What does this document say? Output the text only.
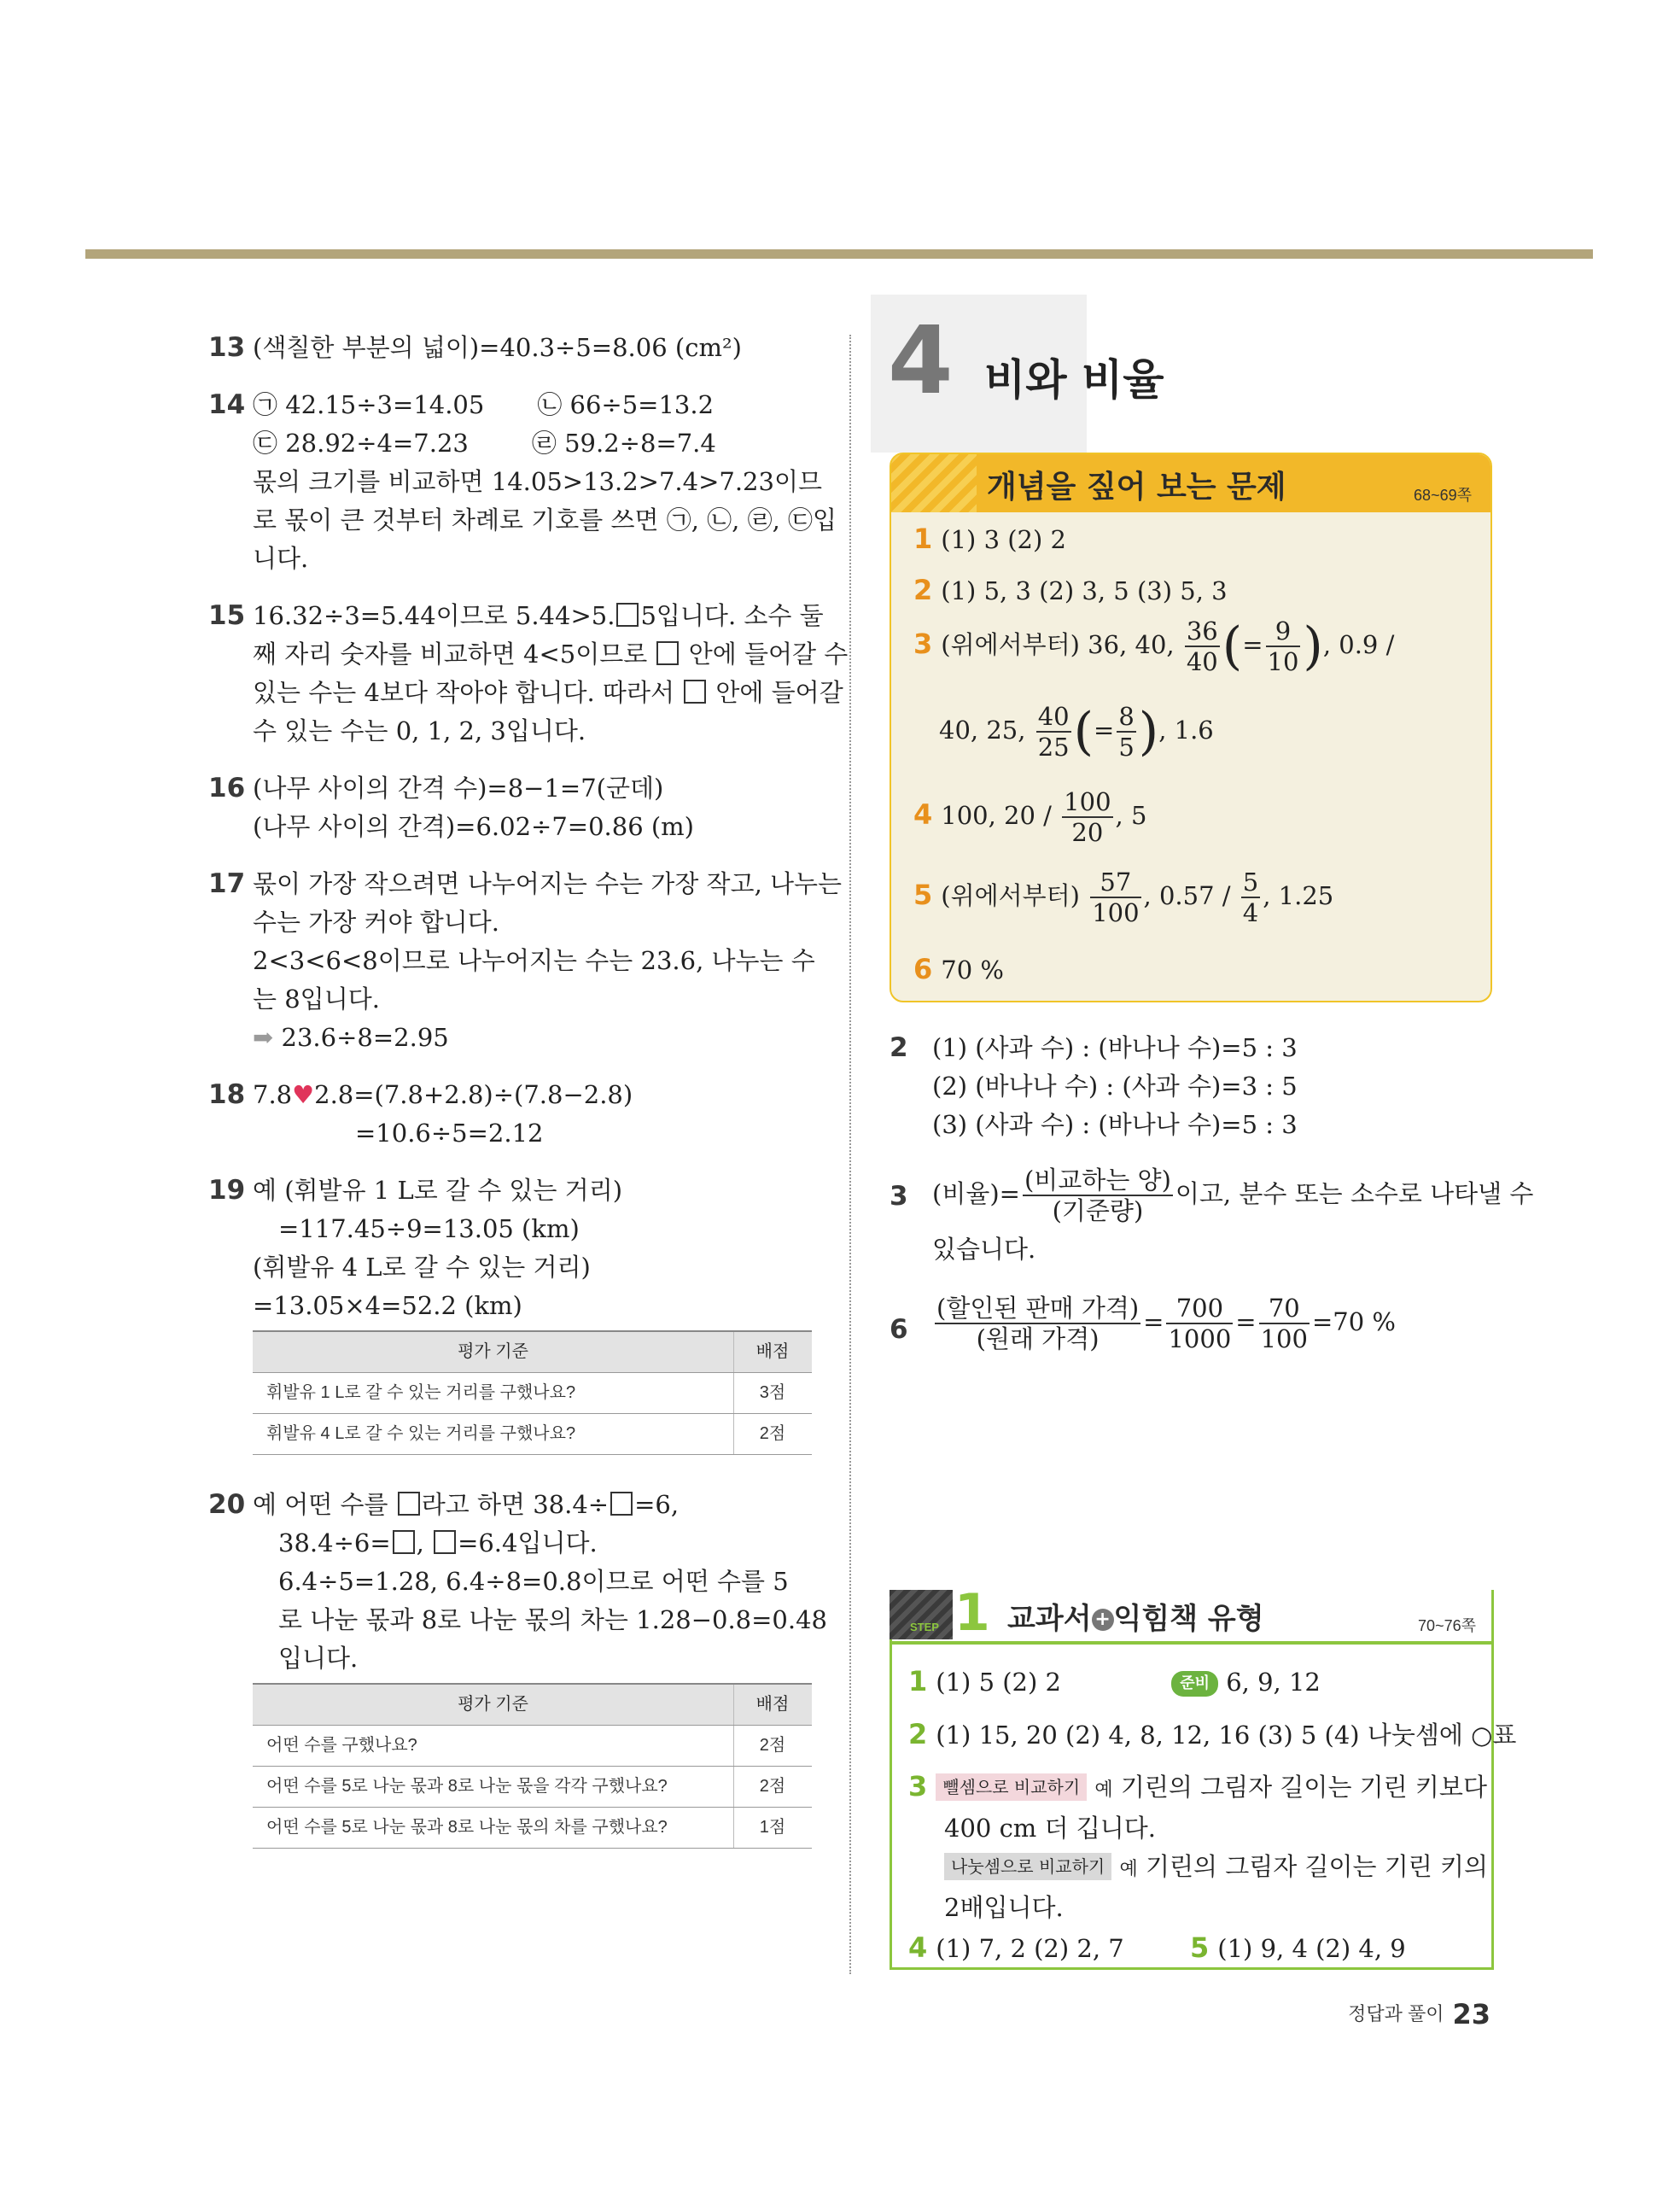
13 (색칠한 부분의 넓이)=40.3÷5=8.06 (cm²)
14 ㉠ 42.15÷3=14.05 ㉡ 66÷5=13.2
㉢ 28.92÷4=7.23	㉣ 59.2÷8=7.4
몫의 크기를 비교하면 14.05>13.2>7.4>7.23이므
로 몫이 큰 것부터 차례로 기호를 쓰면 ㉠, ㉡, ㉣, ㉢입
니다.
15 16.32÷3=5.44이므로 5.44>5. 5입니다. 소수 둘
째 자리 숫자를 비교하면 4<5이므로 안에 들어갈 수
있는 수는 4보다 작아야 합니다. 따라서 안에 들어갈
수 있는 수는 0, 1, 2, 3입니다.
16 (나무 사이의 간격 수)=8−1=7(군데)
(나무 사이의 간격)=6.02÷7=0.86 (m)
17 몫이 가장 작으려면 나누어지는 수는 가장 작고, 나누는
수는 가장 커야 합니다.
2<3<6<8이므로 나누어지는 수는 23.6, 나누는 수
는 8입니다.
➡ 23.6÷8=2.95
18 7.8♥2.8=(7.8+2.8)÷(7.8−2.8)
=10.6÷5=2.12
19 예 (휘발유 1 L로 갈 수 있는 거리)
=117.45÷9=13.05 (km)
(휘발유 4 L로 갈 수 있는 거리)
=13.05×4=52.2 (km)
평가 기준	배점
휘발유 1 L로 갈 수 있는 거리를 구했나요?	3점
휘발유 4 L로 갈 수 있는 거리를 구했나요?	2점
20 예 어떤 수를 라고 하면 38.4÷ =6,
38.4÷6= , =6.4입니다.
6.4÷5=1.28, 6.4÷8=0.8이므로 어떤 수를 5
로 나눈 몫과 8로 나눈 몫의 차는 1.28−0.8=0.48
입니다.
평가 기준	배점
어떤 수를 구했나요?	2점
어떤 수를 5로 나눈 몫과 8로 나눈 몫을 각각 구했나요?	2점
어떤 수를 5로 나눈 몫과 8로 나눈 몫의 차를 구했나요?	1점
4 비와 비율
개념을 짚어 보는 문제	68~69쪽
1 (1) 3 (2) 2
2 (1) 5, 3 (2) 3, 5 (3) 5, 3
3 (위에서부터) 36, 40, $\frac{36}{40}$ (= $\frac{9}{10}$ ), 0.9 /
40, 25, $\frac{40}{25}$ (= $\frac{8}{5}$ ), 1.6
4 100, $20 / \frac{100}{20}$ , 5
5 (위에서부터) $\frac{57}{100}$ , $0.57 / \frac{5}{4}$ , 1.25
6 70 %
2 (1) (사과 수) : (바나나 수)=5 : 3
(2) (바나나 수) : (사과 수)=3 : 5
(3) (사과 수) : (바나나 수)=5 : 3
3 (비율)= $\frac{\text{(비교하는 양)}}{\text{(기준량)}}$ 이고, 분수 또는 소수로 나타낼 수
있습니다.
$6 \frac{\text{(할인된 판매 가격)}}{\text{(원래 가격)}} = \frac{700}{1000} = \frac{70}{100} =70$ %
STEP 1 교과서 + 익힘책 유형	70~76쪽
1 (1) 5 (2) 2	준비 6, 9, 12
2 (1) 15, 20 (2) 4, 8, 12, 16 (3) 5 (4) 나눗셈에 ○표
3 뺄셈으로 비교하기 예 기린의 그림자 길이는 기린 키보다
400 cm 더 깁니다.
나눗셈으로 비교하기 예 기린의 그림자 길이는 기린 키의
2배입니다.
4 (1) 7, 2 (2) 2, 7 5 (1) 9, 4 (2) 4, 9
정답과 풀이 23
